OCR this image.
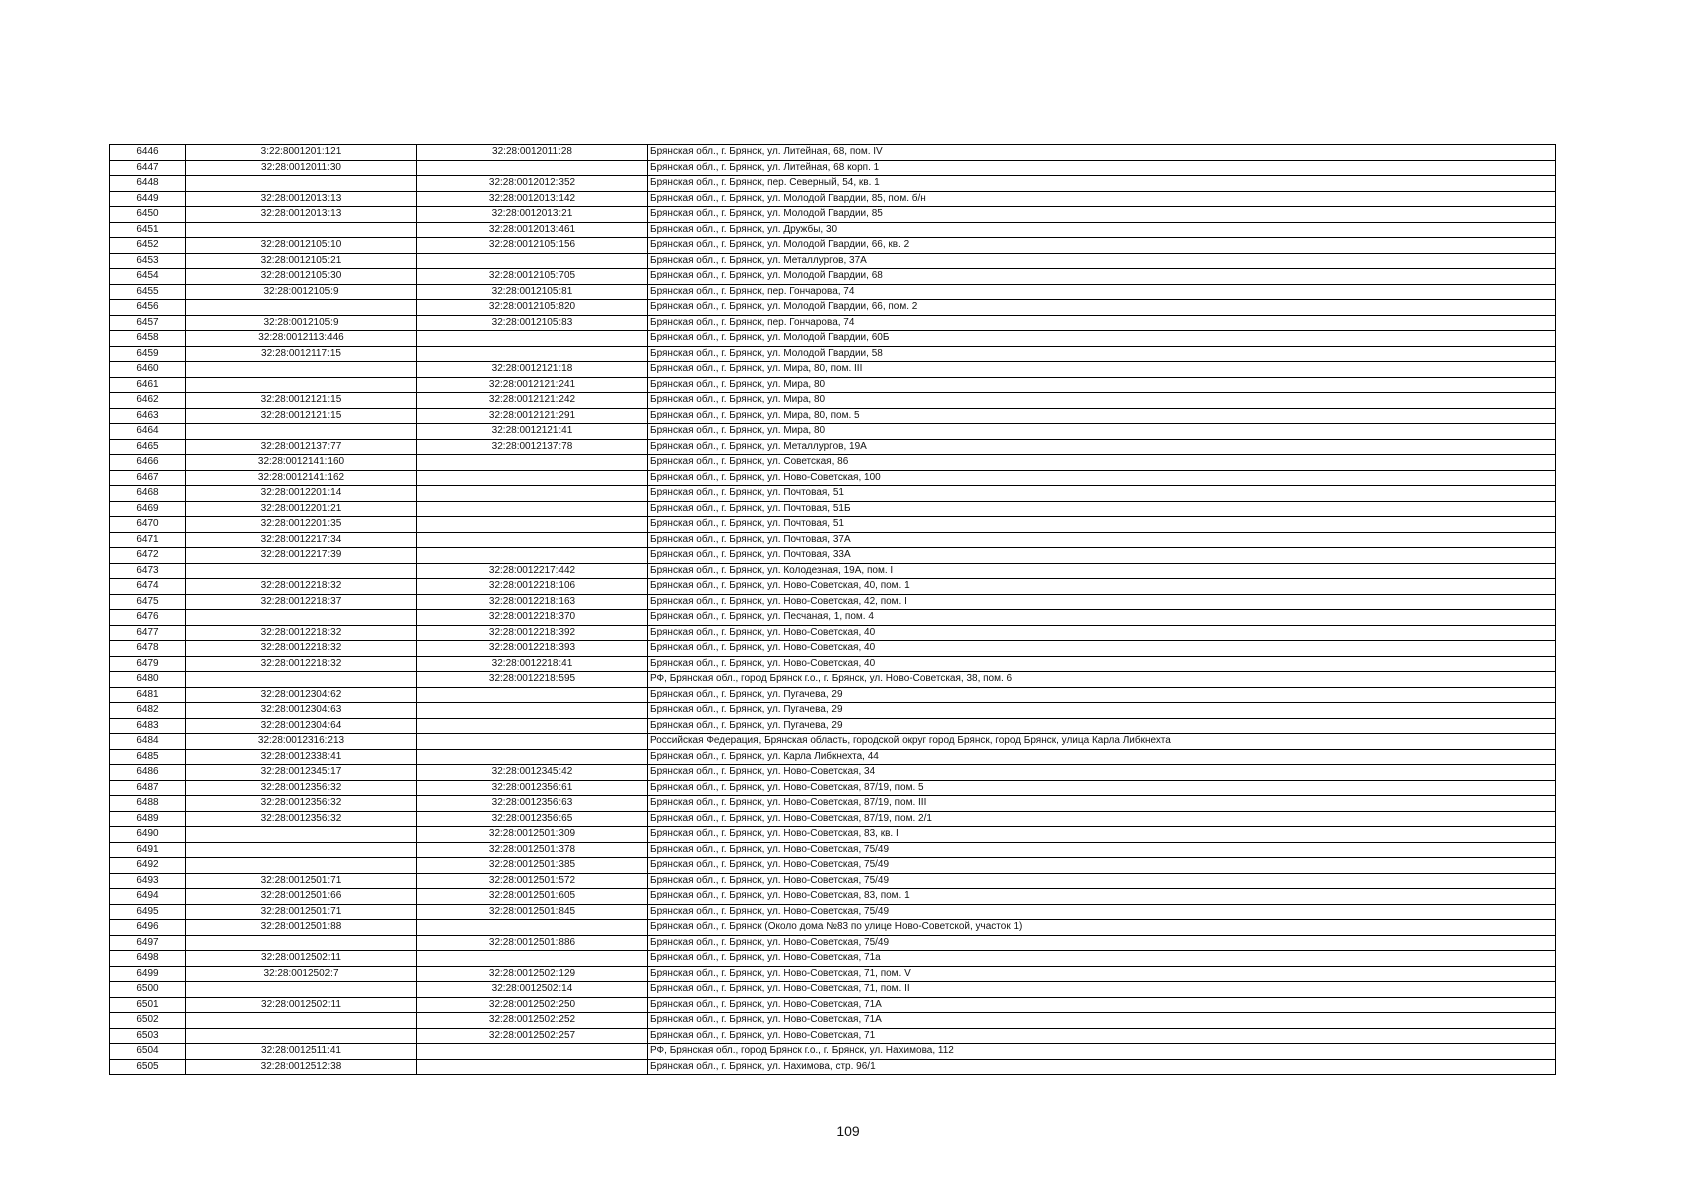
6446	3:22:8001201:121	32:28:0012011:28	Брянская обл., г. Брянск, ул. Литейная, 68, пом. IV
6447	32:28:0012011:30		Брянская обл., г. Брянск, ул. Литейная, 68 корп. 1
6448		32:28:0012012:352	Брянская обл., г. Брянск, пер. Северный, 54, кв. 1
6449	32:28:0012013:13	32:28:0012013:142	Брянская обл., г. Брянск, ул. Молодой Гвардии, 85, пом. б/н
6450	32:28:0012013:13	32:28:0012013:21	Брянская обл., г. Брянск, ул. Молодой Гвардии, 85
6451		32:28:0012013:461	Брянская обл., г. Брянск, ул. Дружбы, 30
6452	32:28:0012105:10	32:28:0012105:156	Брянская обл., г. Брянск, ул. Молодой Гвардии, 66, кв. 2
6453	32:28:0012105:21		Брянская обл., г. Брянск, ул. Металлургов, 37А
6454	32:28:0012105:30	32:28:0012105:705	Брянская обл., г. Брянск, ул. Молодой Гвардии, 68
6455	32:28:0012105:9	32:28:0012105:81	Брянская обл., г. Брянск, пер. Гончарова, 74
6456		32:28:0012105:820	Брянская обл., г. Брянск, ул. Молодой Гвардии, 66, пом. 2
6457	32:28:0012105:9	32:28:0012105:83	Брянская обл., г. Брянск, пер. Гончарова, 74
6458	32:28:0012113:446		Брянская обл., г. Брянск, ул. Молодой Гвардии, 60Б
6459	32:28:0012117:15		Брянская обл., г. Брянск, ул. Молодой Гвардии, 58
6460		32:28:0012121:18	Брянская обл., г. Брянск, ул. Мира, 80, пом. III
6461		32:28:0012121:241	Брянская обл., г. Брянск, ул. Мира, 80
6462	32:28:0012121:15	32:28:0012121:242	Брянская обл., г. Брянск, ул. Мира, 80
6463	32:28:0012121:15	32:28:0012121:291	Брянская обл., г. Брянск, ул. Мира, 80, пом. 5
6464		32:28:0012121:41	Брянская обл., г. Брянск, ул. Мира, 80
6465	32:28:0012137:77	32:28:0012137:78	Брянская обл., г. Брянск, ул. Металлургов, 19А
6466	32:28:0012141:160		Брянская обл., г. Брянск, ул. Советская, 86
6467	32:28:0012141:162		Брянская обл., г. Брянск, ул. Ново-Советская, 100
6468	32:28:0012201:14		Брянская обл., г. Брянск, ул. Почтовая, 51
6469	32:28:0012201:21		Брянская обл., г. Брянск, ул. Почтовая, 51Б
6470	32:28:0012201:35		Брянская обл., г. Брянск, ул. Почтовая, 51
6471	32:28:0012217:34		Брянская обл., г. Брянск, ул. Почтовая, 37А
6472	32:28:0012217:39		Брянская обл., г. Брянск, ул. Почтовая, 33А
6473		32:28:0012217:442	Брянская обл., г. Брянск, ул. Колодезная, 19А, пом. I
6474	32:28:0012218:32	32:28:0012218:106	Брянская обл., г. Брянск, ул. Ново-Советская, 40, пом. 1
6475	32:28:0012218:37	32:28:0012218:163	Брянская обл., г. Брянск, ул. Ново-Советская, 42, пом. I
6476		32:28:0012218:370	Брянская обл., г. Брянск, ул. Песчаная, 1, пом. 4
6477	32:28:0012218:32	32:28:0012218:392	Брянская обл., г. Брянск, ул. Ново-Советская, 40
6478	32:28:0012218:32	32:28:0012218:393	Брянская обл., г. Брянск, ул. Ново-Советская, 40
6479	32:28:0012218:32	32:28:0012218:41	Брянская обл., г. Брянск, ул. Ново-Советская, 40
6480		32:28:0012218:595	РФ, Брянская обл., город Брянск г.о., г. Брянск, ул. Ново-Советская, 38, пом. 6
6481	32:28:0012304:62		Брянская обл., г. Брянск, ул. Пугачева, 29
6482	32:28:0012304:63		Брянская обл., г. Брянск, ул. Пугачева, 29
6483	32:28:0012304:64		Брянская обл., г. Брянск, ул. Пугачева, 29
6484	32:28:0012316:213		Российская Федерация, Брянская область, городской округ город Брянск, город Брянск, улица Карла Либкнехта
6485	32:28:0012338:41		Брянская обл., г. Брянск, ул. Карла Либкнехта, 44
6486	32:28:0012345:17	32:28:0012345:42	Брянская обл., г. Брянск, ул. Ново-Советская, 34
6487	32:28:0012356:32	32:28:0012356:61	Брянская обл., г. Брянск, ул. Ново-Советская, 87/19, пом. 5
6488	32:28:0012356:32	32:28:0012356:63	Брянская обл., г. Брянск, ул. Ново-Советская, 87/19, пом. III
6489	32:28:0012356:32	32:28:0012356:65	Брянская обл., г. Брянск, ул. Ново-Советская, 87/19, пом. 2/1
6490		32:28:0012501:309	Брянская обл., г. Брянск, ул. Ново-Советская, 83, кв. I
6491		32:28:0012501:378	Брянская обл., г. Брянск, ул. Ново-Советская, 75/49
6492		32:28:0012501:385	Брянская обл., г. Брянск, ул. Ново-Советская, 75/49
6493	32:28:0012501:71	32:28:0012501:572	Брянская обл., г. Брянск, ул. Ново-Советская, 75/49
6494	32:28:0012501:66	32:28:0012501:605	Брянская обл., г. Брянск, ул. Ново-Советская, 83, пом. 1
6495	32:28:0012501:71	32:28:0012501:845	Брянская обл., г. Брянск, ул. Ново-Советская, 75/49
6496	32:28:0012501:88		Брянская обл., г. Брянск (Около дома №83 по улице Ново-Советской, участок 1)
6497		32:28:0012501:886	Брянская обл., г. Брянск, ул. Ново-Советская, 75/49
6498	32:28:0012502:11		Брянская обл., г. Брянск, ул. Ново-Советская, 71а
6499	32:28:0012502:7	32:28:0012502:129	Брянская обл., г. Брянск, ул. Ново-Советская, 71, пом. V
6500		32:28:0012502:14	Брянская обл., г. Брянск, ул. Ново-Советская, 71, пом. II
6501	32:28:0012502:11	32:28:0012502:250	Брянская обл., г. Брянск, ул. Ново-Советская, 71А
6502		32:28:0012502:252	Брянская обл., г. Брянск, ул. Ново-Советская, 71А
6503		32:28:0012502:257	Брянская обл., г. Брянск, ул. Ново-Советская, 71
6504	32:28:0012511:41		РФ, Брянская обл., город Брянск г.о., г. Брянск, ул. Нахимова, 112
6505	32:28:0012512:38		Брянская обл., г. Брянск, ул. Нахимова, стр. 96/1
109
